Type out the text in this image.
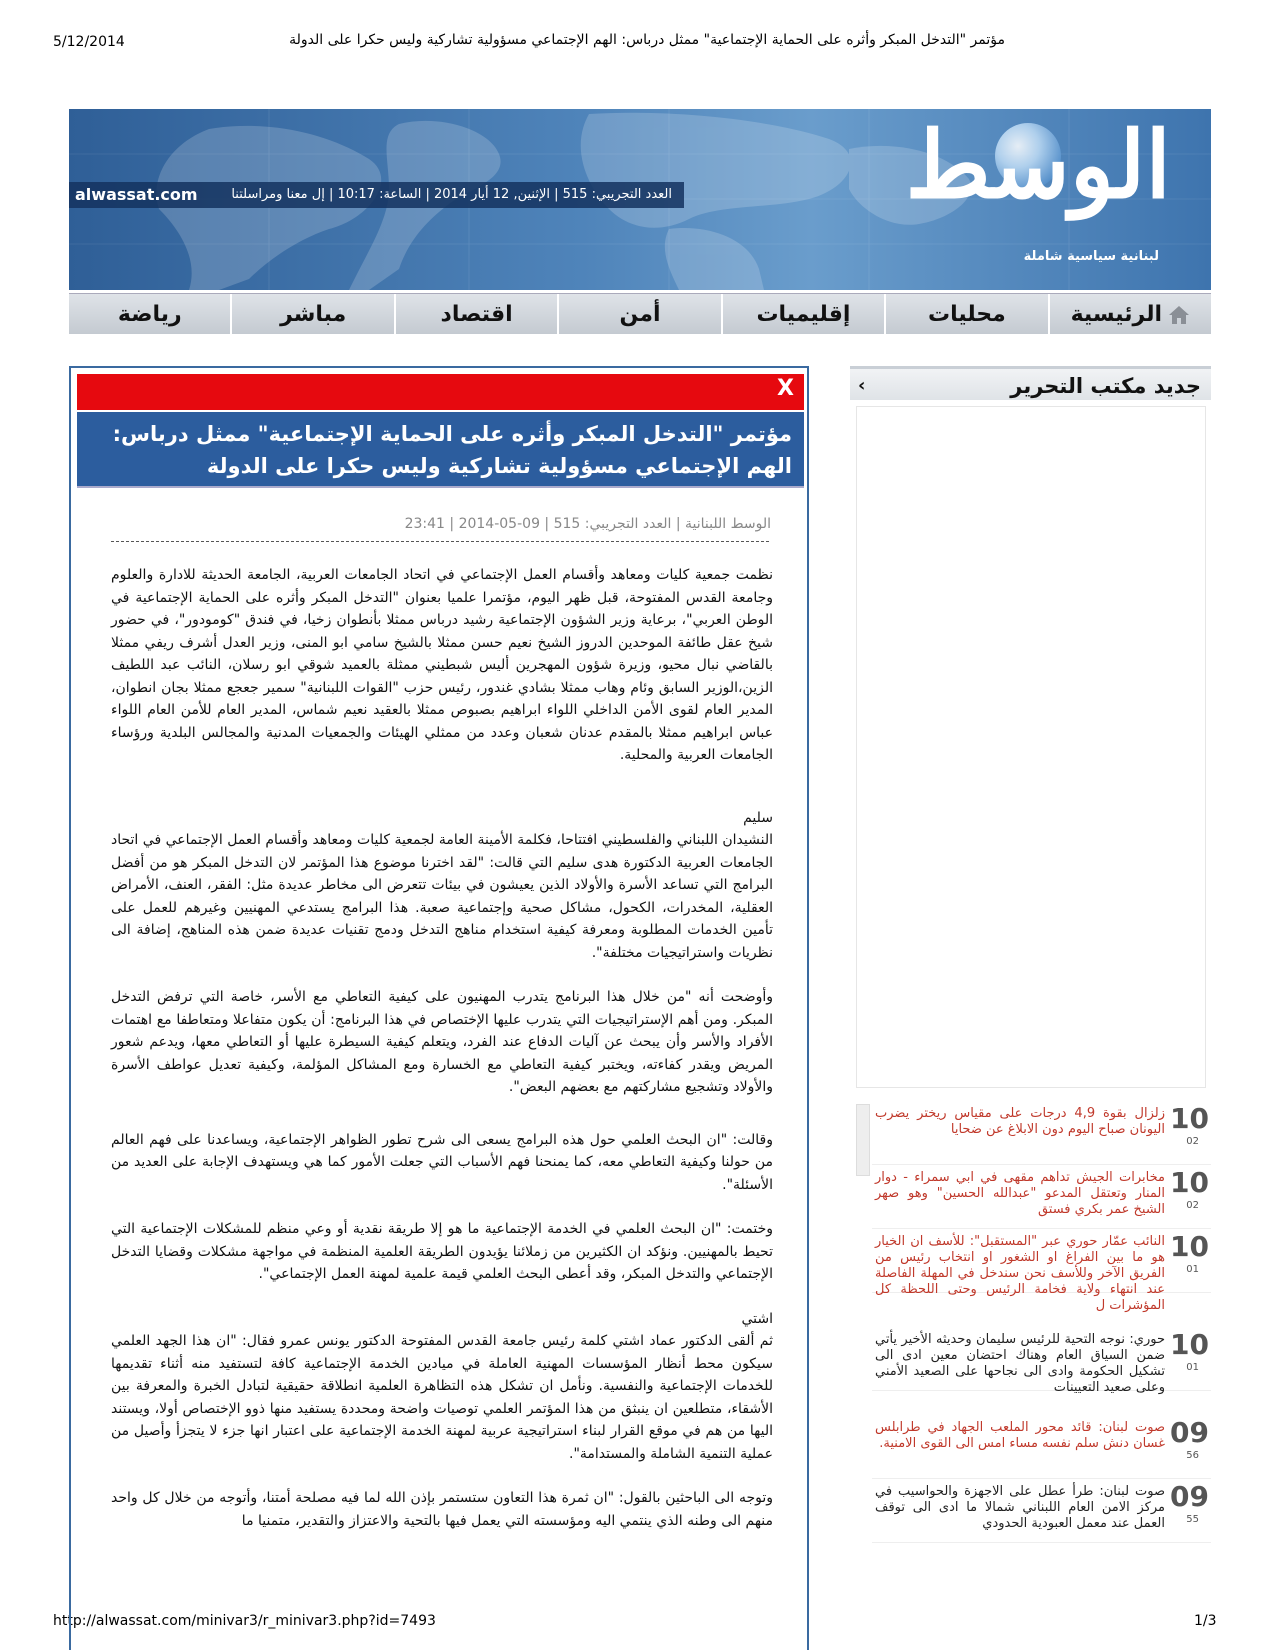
5/12/2014	مؤتمر "التدخل المبكر وأثره على الحماية الإجتماعية" ممثل درباس: الهم الإجتماعي مسؤولية تشاركية وليس حكرا على الدولة
http://alwassat.com/minivar3/r_minivar3.php?id=7493	1/3
الوسط
لبنانية سياسية شاملة
العدد التجريبي: 515 | الإثنين, 12 أيار 2014 | الساعة: 10:17 | إل معنا ومراسلتنا
alwassat.com
الرئيسية
محليات
إقليميات
أمن
اقتصاد
مباشر
رياضة
X
مؤتمر "التدخل المبكر وأثره على الحماية الإجتماعية" ممثل درباس: الهم الإجتماعي مسؤولية تشاركية وليس حكرا على الدولة
الوسط اللبنانية | العدد التجريبي: 515 | 09-05-2014 | 23:41

نظمت جمعية كليات ومعاهد وأقسام العمل الإجتماعي في اتحاد الجامعات العربية، الجامعة الحديثة للادارة والعلوم وجامعة القدس المفتوحة، قبل ظهر اليوم، مؤتمرا علميا بعنوان "التدخل المبكر وأثره على الحماية الإجتماعية في الوطن العربي"، برعاية وزير الشؤون الإجتماعية رشيد درباس ممثلا بأنطوان زخيا، في فندق "كومودور"، في حضور شيخ عقل طائفة الموحدين الدروز الشيخ نعيم حسن ممثلا بالشيخ سامي ابو المنى، وزير العدل أشرف ريفي ممثلا بالقاضي نبال محيو، وزيرة شؤون المهجرين أليس شبطيني ممثلة بالعميد شوقي ابو رسلان، النائب عبد اللطيف الزين،الوزير السابق وئام وهاب ممثلا بشادي غندور، رئيس حزب "القوات اللبنانية" سمير جعجع ممثلا بجان انطوان، المدير العام لقوى الأمن الداخلي اللواء ابراهيم بصبوص ممثلا بالعقيد نعيم شماس، المدير العام للأمن العام اللواء عباس ابراهيم ممثلا بالمقدم عدنان شعبان وعدد من ممثلي الهيئات والجمعيات المدنية والمجالس البلدية ورؤساء الجامعات العربية والمحلية.

سليم

النشيدان اللبناني والفلسطيني افتتاحا، فكلمة الأمينة العامة لجمعية كليات ومعاهد وأقسام العمل الإجتماعي في اتحاد الجامعات العربية الدكتورة هدى سليم التي قالت: "لقد اخترنا موضوع هذا المؤتمر لان التدخل المبكر هو من أفضل البرامج التي تساعد الأسرة والأولاد الذين يعيشون في بيئات تتعرض الى مخاطر عديدة مثل: الفقر، العنف، الأمراض العقلية، المخدرات، الكحول، مشاكل صحية وإجتماعية صعبة. هذا البرامج يستدعي المهنيين وغيرهم للعمل على تأمين الخدمات المطلوبة ومعرفة كيفية استخدام مناهج التدخل ودمج تقنيات عديدة ضمن هذه المناهج، إضافة الى نظريات واستراتيجيات مختلفة".

وأوضحت أنه "من خلال هذا البرنامج يتدرب المهنيون على كيفية التعاطي مع الأسر، خاصة التي ترفض التدخل المبكر. ومن أهم الإستراتيجيات التي يتدرب عليها الإختصاص في هذا البرنامج: أن يكون متفاعلا ومتعاطفا مع اهتمات الأفراد والأسر وأن يبحث عن آليات الدفاع عند الفرد، ويتعلم كيفية السيطرة عليها أو التعاطي معها، ويدعم شعور المريض ويقدر كفاءته، ويختبر كيفية التعاطي مع الخسارة ومع المشاكل المؤلمة، وكيفية تعديل عواطف الأسرة والأولاد وتشجيع مشاركتهم مع بعضهم البعض".

وقالت: "ان البحث العلمي حول هذه البرامج يسعى الى شرح تطور الظواهر الإجتماعية، ويساعدنا على فهم العالم من حولنا وكيفية التعاطي معه، كما يمنحنا فهم الأسباب التي جعلت الأمور كما هي ويستهدف الإجابة على العديد من الأسئلة".

وختمت: "ان البحث العلمي في الخدمة الإجتماعية ما هو إلا طريقة نقدية أو وعي منظم للمشكلات الإجتماعية التي تحيط بالمهنيين. ونؤكد ان الكثيرين من زملائنا يؤيدون الطريقة العلمية المنظمة في مواجهة مشكلات وقضايا التدخل الإجتماعي والتدخل المبكر، وقد أعطى البحث العلمي قيمة علمية لمهنة العمل الإجتماعي".

اشتي

ثم ألقى الدكتور عماد اشتي كلمة رئيس جامعة القدس المفتوحة الدكتور يونس عمرو فقال: "ان هذا الجهد العلمي سيكون محط أنظار المؤسسات المهنية العاملة في ميادين الخدمة الإجتماعية كافة لتستفيد منه أثناء تقديمها للخدمات الإجتماعية والنفسية. ونأمل ان تشكل هذه التظاهرة العلمية انطلاقة حقيقية لتبادل الخبرة والمعرفة بين الأشقاء، متطلعين ان ينبثق من هذا المؤتمر العلمي توصيات واضحة ومحددة يستفيد منها ذوو الإختصاص أولا، ويستند اليها من هم في موقع القرار لبناء استراتيجية عربية لمهنة الخدمة الإجتماعية على اعتبار انها جزء لا يتجزأ وأصيل من عملية التنمية الشاملة والمستدامة".

وتوجه الى الباحثين بالقول: "ان ثمرة هذا التعاون ستستمر بإذن الله لما فيه مصلحة أمتنا، وأتوجه من خلال كل واحد منهم الى وطنه الذي ينتمي اليه ومؤسسته التي يعمل فيها بالتحية والاعتزاز والتقدير، متمنيا ما

›	جديد مكتب التحرير
10
02
زلزال بقوة 4,9 درجات على مقياس ريختر يضرب اليونان صباح اليوم دون الابلاغ عن ضحايا
10
02
مخابرات الجيش تداهم مقهى في ابي سمراء - دوار المنار وتعتقل المدعو "عبدالله الحسين" وهو صهر الشيخ عمر بكري فستق
10
01
النائب عمّار حوري عبر "المستقبل": للأسف ان الخيار هو ما بين الفراغ او الشغور او انتخاب رئيس من الفريق الآخر وللأسف نحن سندخل في المهلة الفاصلة عند انتهاء ولاية فخامة الرئيس وحتى اللحظة كل المؤشرات ل
10
01
حوري: نوجه التحية للرئيس سليمان وحديثه الأخير يأتي ضمن السياق العام وهناك احتضان معين ادى الى تشكيل الحكومة وادى الى نجاحها على الصعيد الأمني وعلى صعيد التعيينات
09
56
صوت لبنان: قائد محور الملعب الجهاد في طرابلس غسان دنش سلم نفسه مساء امس الى القوى الامنية.
09
55
صوت لبنان: طرأ عطل على الاجهزة والحواسيب في مركز الامن العام اللبناني شمالا ما ادى الى توقف العمل عند معمل العبودية الحدودي
